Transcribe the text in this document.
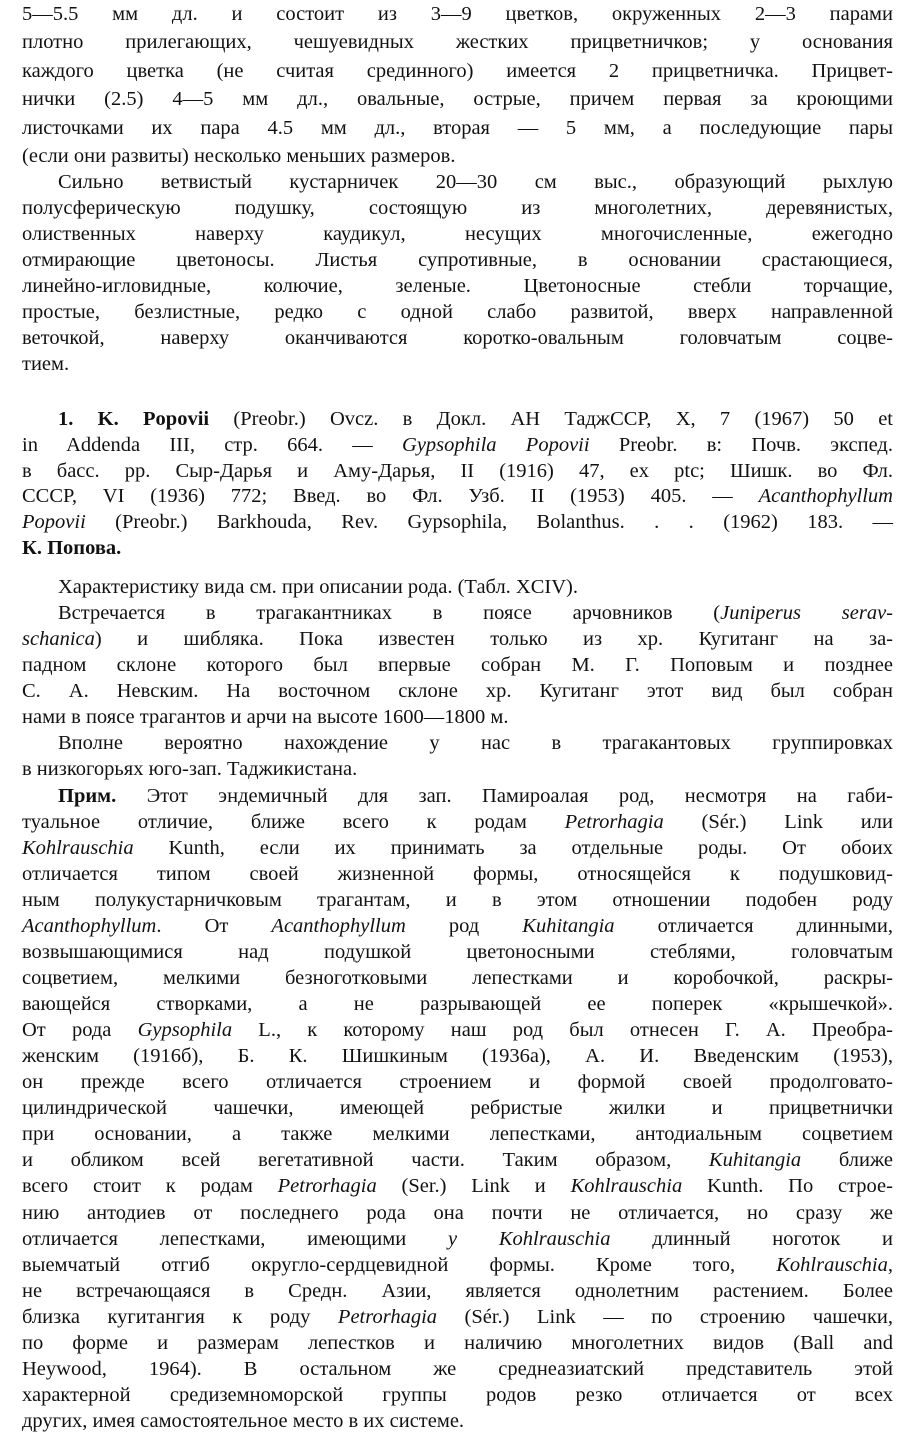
5—5.5 мм дл. и состоит из 3—9 цветков, окруженных 2—3 парами
плотно прилегающих, чешуевидных жестких прицветничков; у основания
каждого цветка (не считая срединного) имеется 2 прицветничка. Прицвет-
нички (2.5) 4—5 мм дл., овальные, острые, причем первая за кроющими
листочками их пара 4.5 мм дл., вторая — 5 мм, а последующие пары
(если они развиты) несколько меньших размеров.
Сильно ветвистый кустарничек 20—30 см выс., образующий рыхлую
полусферическую подушку, состоящую из многолетних, деревянистых,
олиственных наверху каудикул, несущих многочисленные, ежегодно
отмирающие цветоносы. Листья супротивные, в основании срастающиеся,
линейно-игловидные, колючие, зеленые. Цветоносные стебли торчащие,
простые, безлистные, редко с одной слабо развитой, вверх направленной
веточкой, наверху оканчиваются коротко-овальным головчатым соцве-
тием.
1. K. Popovii (Preobr.) Ovcz. в Докл. АН ТаджССР, X, 7 (1967) 50 et
in Addenda III, стр. 664. — Gypsophila Popovii Preobr. в: Почв. экспед.
в басс. рр. Сыр-Дарья и Аму-Дарья, II (1916) 47, ex ptc; Шишк. во Фл.
СССР, VI (1936) 772; Введ. во Фл. Узб. II (1953) 405. — Acanthophyllum
Popovii (Preobr.) Barkhouda, Rev. Gypsophila, Bolanthus. . . (1962) 183. —
К. Попова.
Характеристику вида см. при описании рода. (Табл. XCIV).
Встречается в трагакантниках в поясе арчовников (Juniperus serav-
schanica) и шибляка. Пока известен только из хр. Кугитанг на за-
падном склоне которого был впервые собран М. Г. Поповым и позднее
С. А. Невским. На восточном склоне хр. Кугитанг этот вид был собран
нами в поясе трагантов и арчи на высоте 1600—1800 м.
Вполне вероятно нахождение у нас в трагакантовых группировках
в низкогорьях юго-зап. Таджикистана.
Прим. Этот эндемичный для зап. Памироалая род, несмотря на габи-
туальное отличие, ближе всего к родам Petrorhagia (Sér.) Link или
Kohlrauschia Kunth, если их принимать за отдельные роды. От обоих
отличается типом своей жизненной формы, относящейся к подушковид-
ным полукустарничковым трагантам, и в этом отношении подобен роду
Acanthophyllum. От Acanthophyllum род Kuhitangia отличается длинными,
возвышающимися над подушкой цветоносными стеблями, головчатым
соцветием, мелкими безноготковыми лепестками и коробочкой, раскры-
вающейся створками, а не разрывающей ее поперек «крышечкой».
От рода Gypsophila L., к которому наш род был отнесен Г. А. Преобра-
женским (1916б), Б. К. Шишкиным (1936а), А. И. Введенским (1953),
он прежде всего отличается строением и формой своей продолговато-
цилиндрической чашечки, имеющей ребристые жилки и прицветнички
при основании, а также мелкими лепестками, антодиальным соцветием
и обликом всей вегетативной части. Таким образом, Kuhitangia ближе
всего стоит к родам Petrorhagia (Ser.) Link и Kohlrauschia Kunth. По строе-
нию антодиев от последнего рода она почти не отличается, но сразу же
отличается лепестками, имеющими у Kohlrauschia длинный ноготок и
выемчатый отгиб округло-сердцевидной формы. Кроме того, Kohlrauschia,
не встречающаяся в Средн. Азии, является однолетним растением. Более
близка кугитангия к роду Petrorhagia (Sér.) Link — по строению чашечки,
по форме и размерам лепестков и наличию многолетних видов (Ball and
Heywood, 1964). В остальном же среднеазиатский представитель этой
характерной средиземноморской группы родов резко отличается от всех
других, имея самостоятельное место в их системе.
